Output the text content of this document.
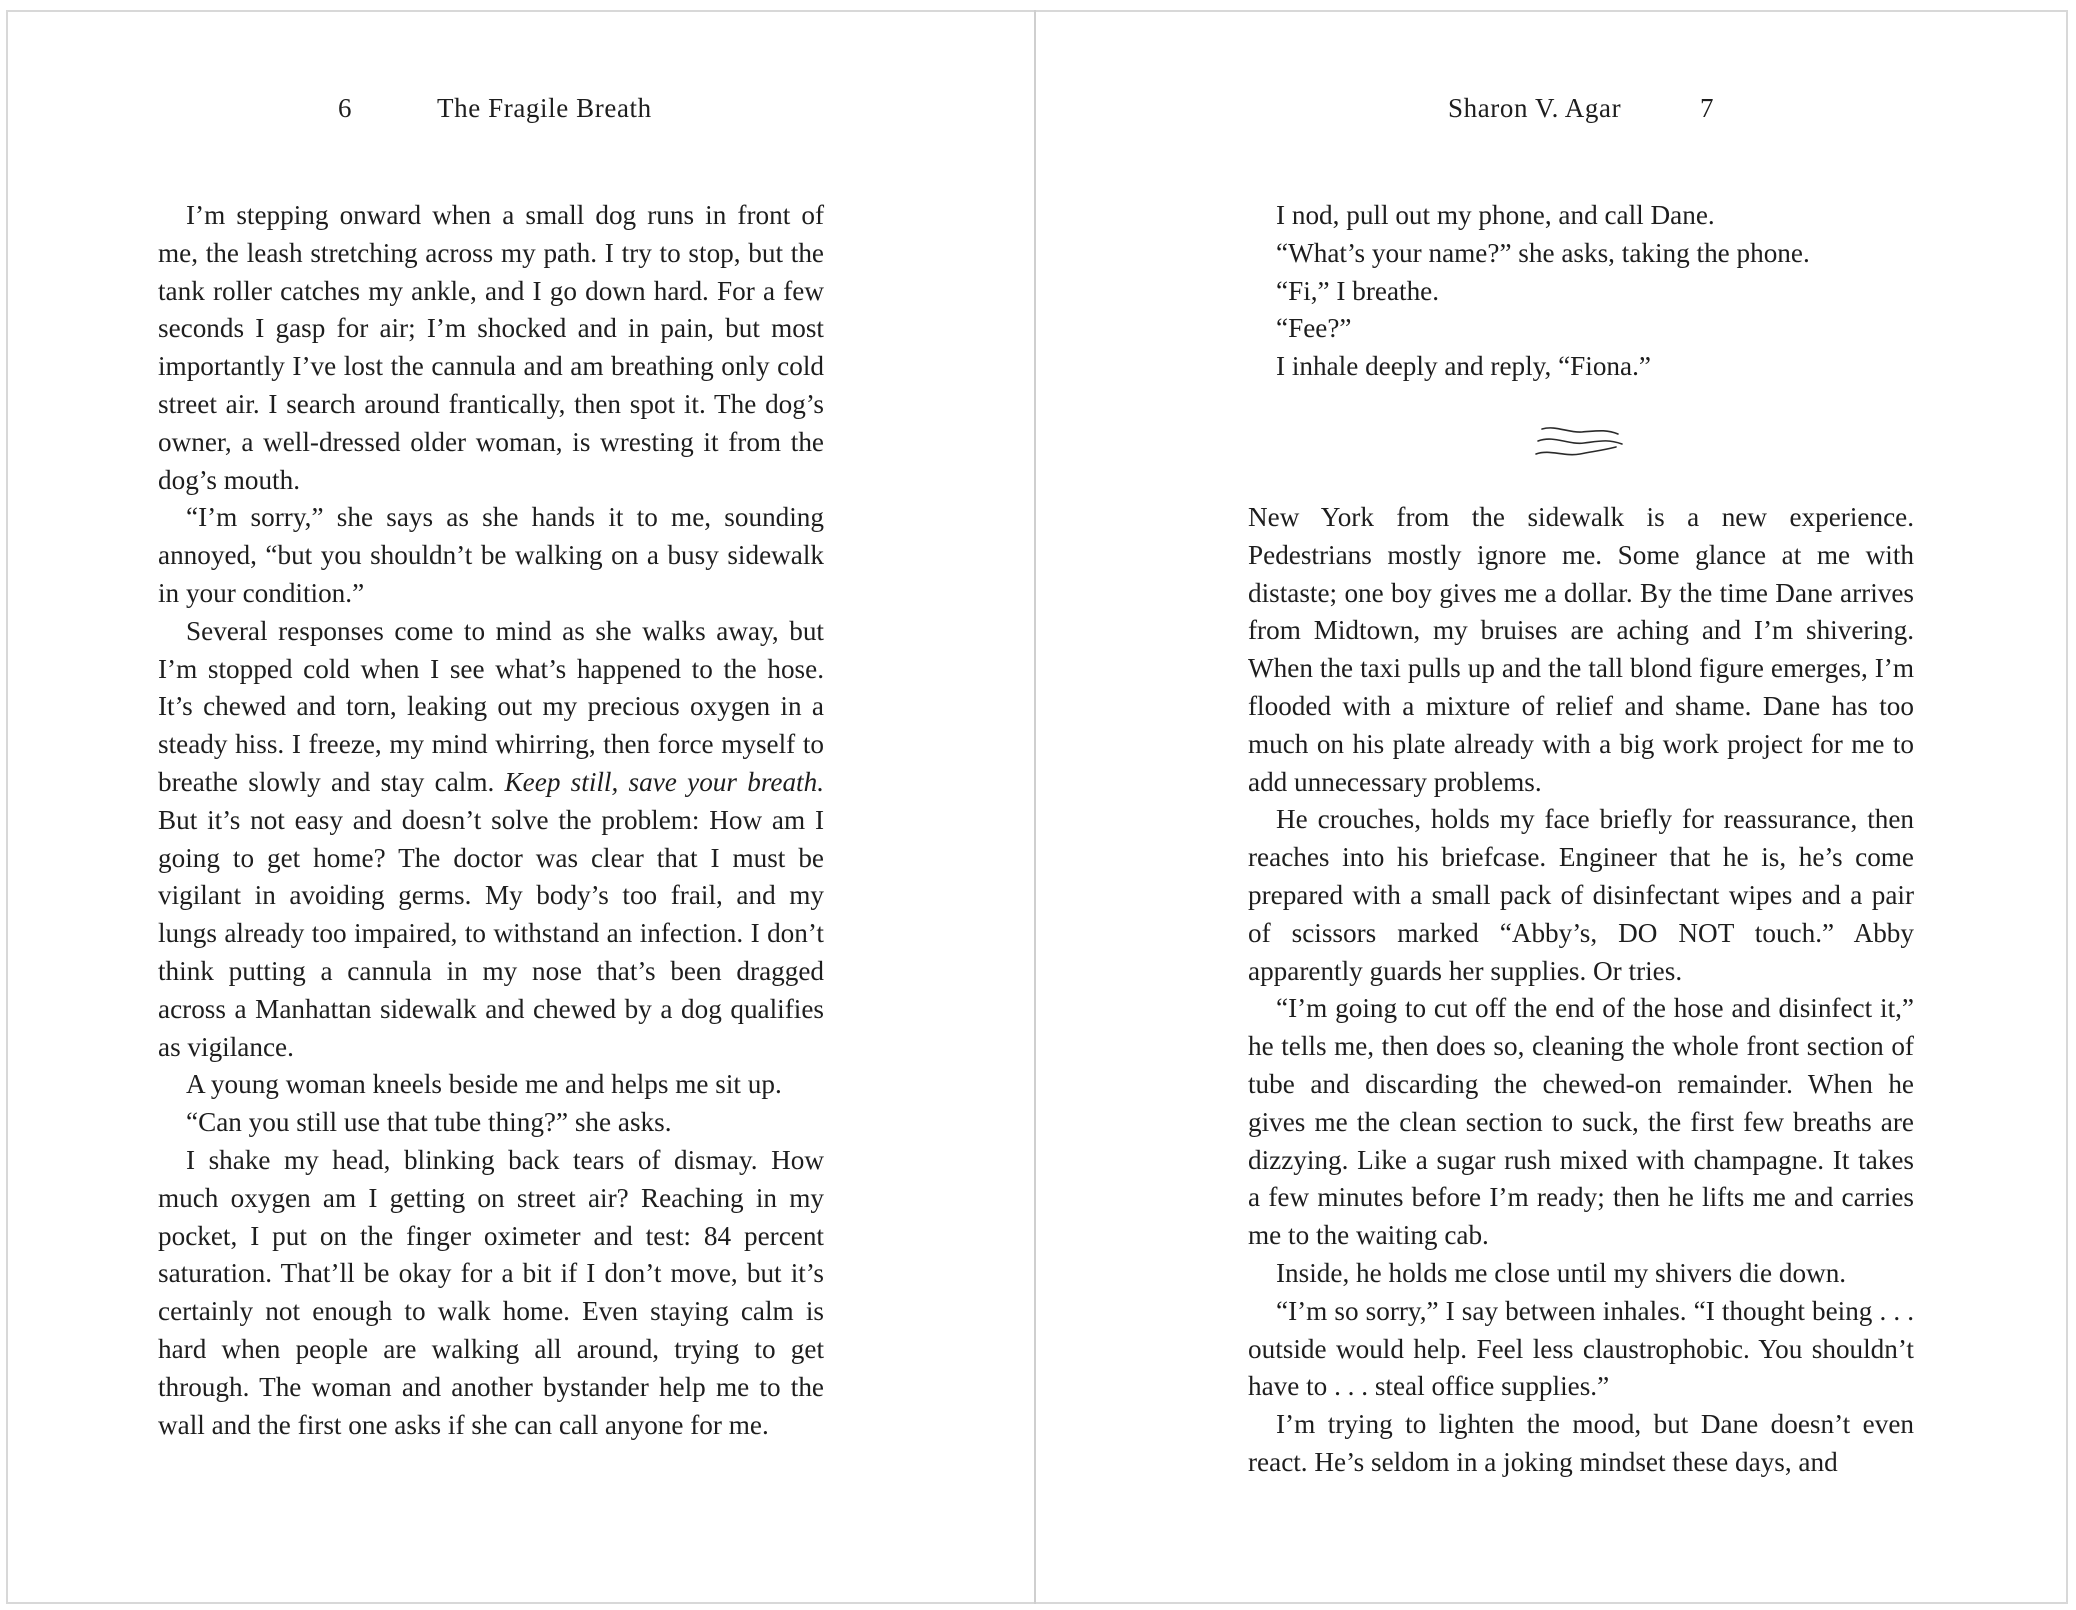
6	The Fragile Breath

I’m stepping onward when a small dog runs in front of me, the leash stretching across my path. I try to stop, but the tank roller catches my ankle, and I go down hard. For a few seconds I gasp for air; I’m shocked and in pain, but most importantly I’ve lost the cannula and am breathing only cold street air. I search around frantically, then spot it. The dog’s owner, a well-dressed older woman, is wresting it from the dog’s mouth.

“I’m sorry,” she says as she hands it to me, sounding annoyed, “but you shouldn’t be walking on a busy sidewalk in your condition.”

Several responses come to mind as she walks away, but I’m stopped cold when I see what’s happened to the hose. It’s chewed and torn, leaking out my precious oxygen in a steady hiss. I freeze, my mind whirring, then force myself to breathe slowly and stay calm. Keep still, save your breath. But it’s not easy and doesn’t solve the problem: How am I going to get home? The doctor was clear that I must be vigilant in avoiding germs. My body’s too frail, and my lungs already too impaired, to withstand an infection. I don’t think putting a cannula in my nose that’s been dragged across a Manhattan sidewalk and chewed by a dog qualifies as vigilance.

A young woman kneels beside me and helps me sit up.

“Can you still use that tube thing?” she asks.

I shake my head, blinking back tears of dismay. How much oxygen am I getting on street air? Reaching in my pocket, I put on the finger oximeter and test: 84 percent saturation. That’ll be okay for a bit if I don’t move, but it’s certainly not enough to walk home. Even staying calm is hard when people are walking all around, trying to get through. The woman and another bystander help me to the wall and the first one asks if she can call anyone for me.

Sharon V. Agar	7

I nod, pull out my phone, and call Dane.

“What’s your name?” she asks, taking the phone.

“Fi,” I breathe.

“Fee?”

I inhale deeply and reply, “Fiona.”

New York from the sidewalk is a new experience. Pedestrians mostly ignore me. Some glance at me with distaste; one boy gives me a dollar. By the time Dane arrives from Midtown, my bruises are aching and I’m shivering. When the taxi pulls up and the tall blond figure emerges, I’m flooded with a mixture of relief and shame. Dane has too much on his plate already with a big work project for me to add unnecessary problems.

He crouches, holds my face briefly for reassurance, then reaches into his briefcase. Engineer that he is, he’s come prepared with a small pack of disinfectant wipes and a pair of scissors marked “Abby’s, DO NOT touch.” Abby apparently guards her supplies. Or tries.

“I’m going to cut off the end of the hose and disinfect it,” he tells me, then does so, cleaning the whole front section of tube and discarding the chewed-on remainder. When he gives me the clean section to suck, the first few breaths are dizzying. Like a sugar rush mixed with champagne. It takes a few minutes before I’m ready; then he lifts me and carries me to the waiting cab.

Inside, he holds me close until my shivers die down.

“I’m so sorry,” I say between inhales. “I thought being . . . outside would help. Feel less claustrophobic. You shouldn’t have to . . . steal office supplies.”

I’m trying to lighten the mood, but Dane doesn’t even react. He’s seldom in a joking mindset these days, and
